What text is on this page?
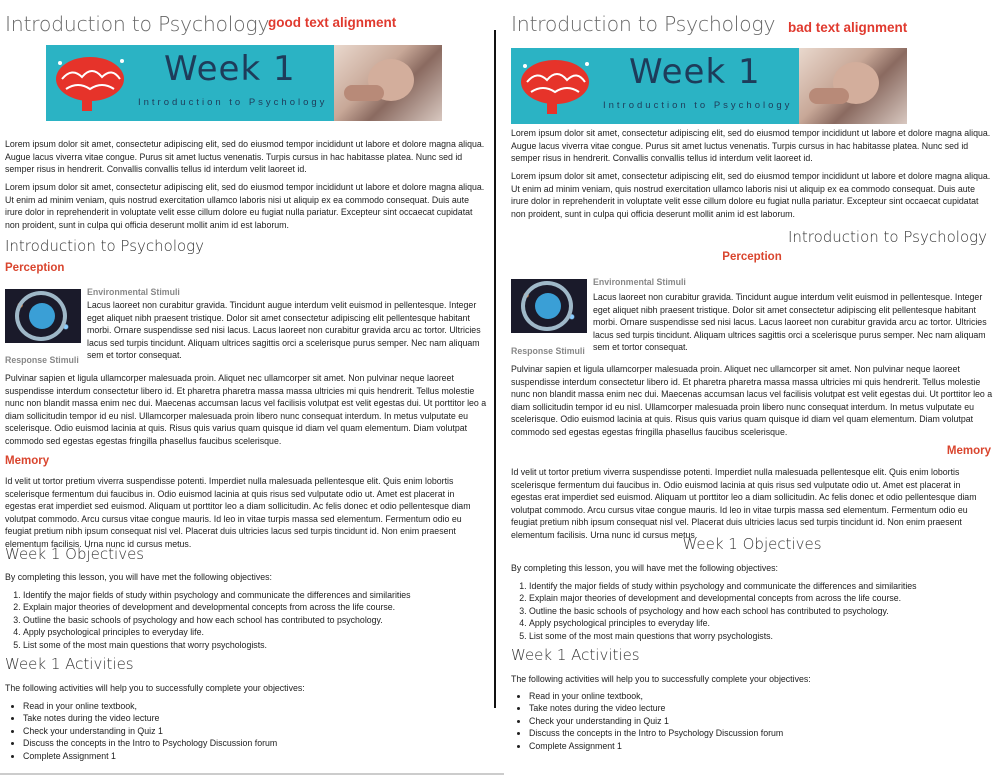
Introduction to Psychology
good text alignment
Week 1
Introduction to Psychology

Lorem ipsum dolor sit amet, consectetur adipiscing elit, sed do eiusmod tempor incididunt ut labore et dolore magna aliqua. Augue lacus viverra vitae congue. Purus sit amet luctus venenatis. Turpis cursus in hac habitasse platea. Nunc sed id semper risus in hendrerit. Convallis convallis tellus id interdum velit laoreet id.

Lorem ipsum dolor sit amet, consectetur adipiscing elit, sed do eiusmod tempor incididunt ut labore et dolore magna aliqua. Ut enim ad minim veniam, quis nostrud exercitation ullamco laboris nisi ut aliquip ex ea commodo consequat. Duis aute irure dolor in reprehenderit in voluptate velit esse cillum dolore eu fugiat nulla pariatur. Excepteur sint occaecat cupidatat non proident, sunt in culpa qui officia deserunt mollit anim id est laborum.

Introduction to Psychology
Perception
Environmental Stimuli

Lacus laoreet non curabitur gravida. Tincidunt augue interdum velit euismod in pellentesque. Integer eget aliquet nibh praesent tristique. Dolor sit amet consectetur adipiscing elit pellentesque habitant morbi. Ornare suspendisse sed nisi lacus. Lacus laoreet non curabitur gravida arcu ac tortor. Ultricies lacus sed turpis tincidunt. Aliquam ultrices sagittis orci a scelerisque purus semper. Nec nam aliquam sem et tortor consequat.

Response Stimuli

Pulvinar sapien et ligula ullamcorper malesuada proin. Aliquet nec ullamcorper sit amet. Non pulvinar neque laoreet suspendisse interdum consectetur libero id. Et pharetra pharetra massa massa ultricies mi quis hendrerit. Tellus molestie nunc non blandit massa enim nec dui. Maecenas accumsan lacus vel facilisis volutpat est velit egestas dui. Ut porttitor leo a diam sollicitudin tempor id eu nisl. Ullamcorper malesuada proin libero nunc consequat interdum. In metus vulputate eu scelerisque. Odio euismod lacinia at quis. Risus quis varius quam quisque id diam vel quam elementum. Diam volutpat commodo sed egestas egestas fringilla phasellus faucibus scelerisque.

Memory

Id velit ut tortor pretium viverra suspendisse potenti. Imperdiet nulla malesuada pellentesque elit. Quis enim lobortis scelerisque fermentum dui faucibus in. Odio euismod lacinia at quis risus sed vulputate odio ut. Amet est placerat in egestas erat imperdiet sed euismod. Aliquam ut porttitor leo a diam sollicitudin. Ac felis donec et odio pellentesque diam volutpat commodo. Arcu cursus vitae congue mauris. Id leo in vitae turpis massa sed elementum. Fermentum odio eu feugiat pretium nibh ipsum consequat nisl vel. Placerat duis ultricies lacus sed turpis tincidunt id. Non enim praesent elementum facilisis. Urna nunc id cursus metus.

Week 1 Objectives

By completing this lesson, you will have met the following objectives:

1. Identify the major fields of study within psychology and communicate the differences and similarities
2. Explain major theories of development and developmental concepts from across the life course.
3. Outline the basic schools of psychology and how each school has contributed to psychology.
4. Apply psychological principles to everyday life.
5. List some of the most main questions that worry psychologists.
Week 1 Activities

The following activities will help you to successfully complete your objectives:

• Read in your online textbook,
• Take notes during the video lecture
• Check your understanding in Quiz 1
• Discuss the concepts in the Intro to Psychology Discussion forum
• Complete Assignment 1
Introduction to Psychology bad text alignment
Week 1
Introduction to Psychology

Lorem ipsum dolor sit amet, consectetur adipiscing elit, sed do eiusmod tempor incididunt ut labore et dolore magna aliqua. Augue lacus viverra vitae congue. Purus sit amet luctus venenatis. Turpis cursus in hac habitasse platea. Nunc sed id semper risus in hendrerit. Convallis convallis tellus id interdum velit laoreet id.

Lorem ipsum dolor sit amet, consectetur adipiscing elit, sed do eiusmod tempor incididunt ut labore et dolore magna aliqua. Ut enim ad minim veniam, quis nostrud exercitation ullamco laboris nisi ut aliquip ex ea commodo consequat. Duis aute irure dolor in reprehenderit in voluptate velit esse cillum dolore eu fugiat nulla pariatur. Excepteur sint occaecat cupidatat non proident, sunt in culpa qui officia deserunt mollit anim id est laborum.

Introduction to Psychology
Perception
Environmental Stimuli

Lacus laoreet non curabitur gravida. Tincidunt augue interdum velit euismod in pellentesque. Integer eget aliquet nibh praesent tristique. Dolor sit amet consectetur adipiscing elit pellentesque habitant morbi. Ornare suspendisse sed nisi lacus. Lacus laoreet non curabitur gravida arcu ac tortor. Ultricies lacus sed turpis tincidunt. Aliquam ultrices sagittis orci a scelerisque purus semper. Nec nam aliquam sem et tortor consequat.

Response Stimuli

Pulvinar sapien et ligula ullamcorper malesuada proin. Aliquet nec ullamcorper sit amet. Non pulvinar neque laoreet suspendisse interdum consectetur libero id. Et pharetra pharetra massa massa ultricies mi quis hendrerit. Tellus molestie nunc non blandit massa enim nec dui. Maecenas accumsan lacus vel facilisis volutpat est velit egestas dui. Ut porttitor leo a diam sollicitudin tempor id eu nisl. Ullamcorper malesuada proin libero nunc consequat interdum. In metus vulputate eu scelerisque. Odio euismod lacinia at quis. Risus quis varius quam quisque id diam vel quam elementum. Diam volutpat commodo sed egestas egestas fringilla phasellus faucibus scelerisque.

Memory

Id velit ut tortor pretium viverra suspendisse potenti. Imperdiet nulla malesuada pellentesque elit. Quis enim lobortis scelerisque fermentum dui faucibus in. Odio euismod lacinia at quis risus sed vulputate odio ut. Amet est placerat in egestas erat imperdiet sed euismod. Aliquam ut porttitor leo a diam sollicitudin. Ac felis donec et odio pellentesque diam volutpat commodo. Arcu cursus vitae congue mauris. Id leo in vitae turpis massa sed elementum. Fermentum odio eu feugiat pretium nibh ipsum consequat nisl vel. Placerat duis ultricies lacus sed turpis tincidunt id. Non enim praesent elementum facilisis. Urna nunc id cursus metus.

Week 1 Objectives

By completing this lesson, you will have met the following objectives:

1. Identify the major fields of study within psychology and communicate the differences and similarities
2. Explain major theories of development and developmental concepts from across the life course.
3. Outline the basic schools of psychology and how each school has contributed to psychology.
4. Apply psychological principles to everyday life.
5. List some of the most main questions that worry psychologists.
Week 1 Activities

The following activities will help you to successfully complete your objectives:

• Read in your online textbook,
• Take notes during the video lecture
• Check your understanding in Quiz 1
• Discuss the concepts in the Intro to Psychology Discussion forum
• Complete Assignment 1
